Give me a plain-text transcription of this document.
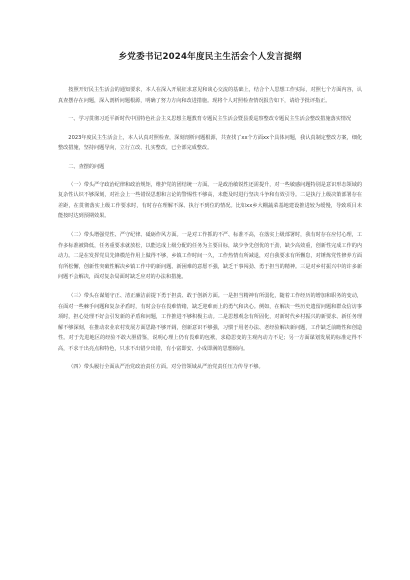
乡党委书记2024年度民主生活会个人发言提纲

按照开好民主生活会的通知要求，本人在深入开展征求意见和谈心交流的基础上，结合个人思想工作实际，对照七个方面内容，认真查摆存在问题，深入剖析问题根源，明确了努力方向和改进措施。现将个人对照检查情况报告如下，请给予批评指正。

一、学习贯彻习近平新时代中国特色社会主义思想主题教育专题民主生活会暨县委巡察整改专题民主生活会整改措施落实情况

2023年度民主生活会上，本人认真对照检查，深刻剖析问题根源，共查找了xx个方面xx个具体问题，我认真制定整改方案，细化整改措施，坚持问题导向，立行立改、扎实整改，已全部完成整改。

二、查摆的问题

（一）带头严守政治纪律和政治规矩，维护党的团结统一方面。一是政治敏锐性还需提升，对一些敏感问题特别是意识形态领域的复杂性认识不够深刻，对社会上一些错误思想和言论的警惕性不够高，未能及时进行坚决斗争和有效引导。二是执行上级决策部署存在差距，在贯彻落实上级工作要求时，有时存在理解不深、执行不到位的情况。比如xx乡大棚蔬菜基地建设推进较为缓慢，导致项目未能按时达到预期效果。

（二）带头增强党性、严守纪律、砥砺作风方面。一是对工作抓的不严、标准不高，在落实上级部署时，我有时存在应付心理，工作多标准被降低，任务重要求就放松，以能达成上级分配的任务为主要目标，缺少争先创优的干劲，缺少高效重，创新性完成工作的内动力。二是在发挥党员先锋模范作用上做得不够，乡镇工作时间一久，工作热情有所减退，对自我要求有所懈怠，对锤炼党性修养方面有所松懈，创新性突破性解决乡镇工作中的新问题、新困难的意愿不强，缺乏干事闯劲、勇于担当的精神。三是对乡村振兴中的许多新问题不会解决，面对复杂局面时缺乏应对的办法和措施。

（三）带头在谋划守正、清正廉洁前提下勇于担责、敢于创新方面。一是担当精神有所弱化，随着工作经历的增加和职务的变动，在面对一些棘手问题和复杂矛盾时，有时会存在畏难情绪，缺乏迎难而上的勇气和决心。例如，在解决一些历史遗留问题和群众信访事项时，担心处理不好会引发新的矛盾和问题，工作推进不够积极主动。二是思想观念有所固化，对新时代乡村振兴的新要求、新任务理解不够深刻，在推动农业农村发展方面思路不够开阔，创新意识不够强，习惯于用老办法、老经验解决新问题，工作缺乏前瞻性和创造性。对于先进地区的经验不敢大胆借鉴，说明心理上仍有畏难的包袱，求稳思变的主观内动力不足；另一方面谋划发展的标准定得不高，不求干出亮点和特色，只求不出错少出错，有小富即安、小成即满的思想倾向。

（四）带头履行全面从严治党政治责任方面。对分管领域从严治党责任压力传导不够。
